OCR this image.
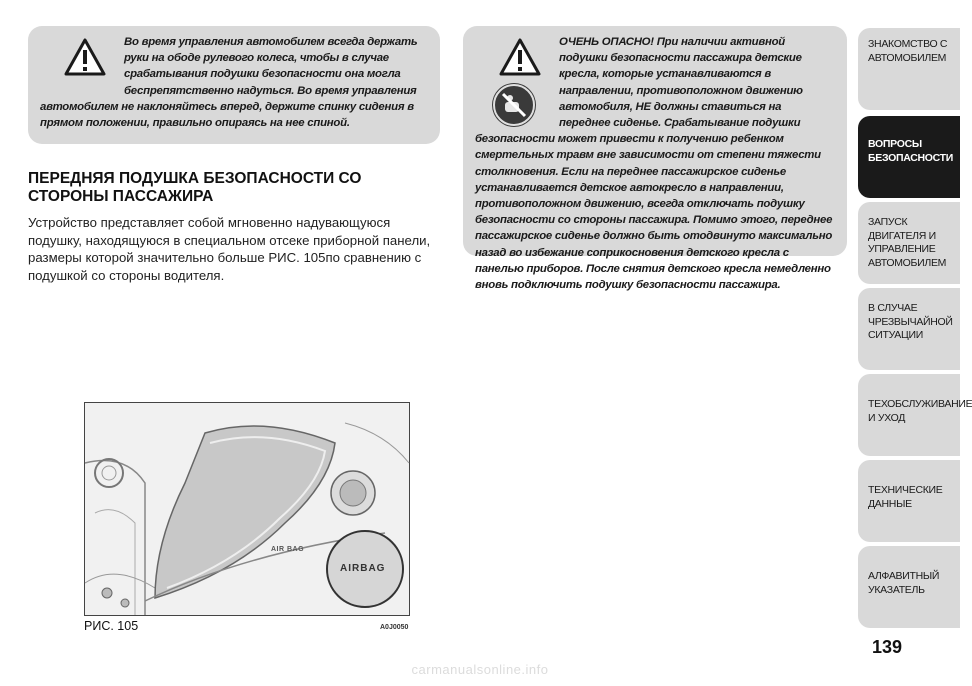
Во время управления автомобилем всегда держать руки на ободе рулевого колеса, чтобы в случае срабатывания подушки безопасности она могла беспрепятственно надуться. Во время управления автомобилем не наклоняйтесь вперед, держите спинку сидения в прямом положении, правильно опираясь на нее спиной.

ОЧЕНЬ ОПАСНО! При наличии активной подушки безопасности пассажира детские кресла, которые устанавливаются в направлении, противоположном движению автомобиля, НЕ должны ставиться на переднее сиденье. Срабатывание подушки безопасности может привести к получению ребенком смертельных травм вне зависимости от степени тяжести столкновения. Если на переднее пассажирское сиденье устанавливается детское автокресло в направлении, противоположном движению, всегда отключать подушку безопасности со стороны пассажира. Помимо этого, переднее пассажирское сиденье должно быть отодвинуто максимально назад во избежание соприкосновения детского кресла с панелью приборов. После снятия детского кресла немедленно вновь подключить подушку безопасности пассажира.

ПЕРЕДНЯЯ ПОДУШКА БЕЗОПАСНОСТИ СО СТОРОНЫ ПАССАЖИРА

Устройство представляет собой мгновенно надувающуюся подушку, находящуюся в специальном отсеке приборной панели, размеры которой значительно больше РИС. 105по сравнению с подушкой со стороны водителя.

AIR BAG
AIRBAG
РИС. 105	A0J0050
ЗНАКОМСТВО С
АВТОМОБИЛЕМ
ВОПРОСЫ
БЕЗОПАСНОСТИ
ЗАПУСК ДВИГАТЕЛЯ И
УПРАВЛЕНИЕ
АВТОМОБИЛЕМ
В СЛУЧАЕ
ЧРЕЗВЫЧАЙНОЙ
СИТУАЦИИ
ТЕХОБСЛУЖИВАНИЕ
И УХОД
ТЕХНИЧЕСКИЕ
ДАННЫЕ
АЛФАВИТНЫЙ
УКАЗАТЕЛЬ
139
carmanualsonline.info
